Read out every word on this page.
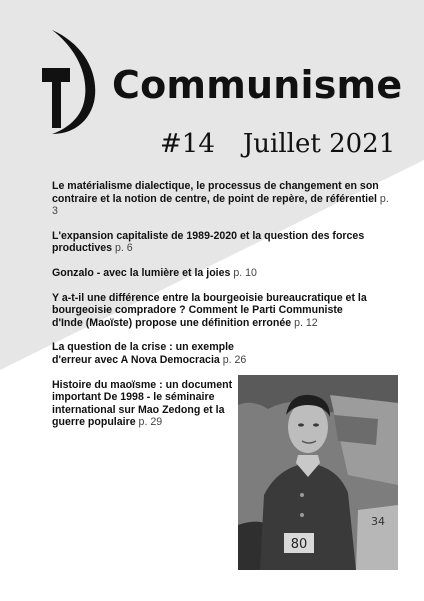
Communisme
#14 Juillet 2021
Le matérialisme dialectique, le processus de changement en son contraire et la notion de centre, de point de repère, de référentiel p. 3
L'expansion capitaliste de 1989-2020 et la question des forces productives p. 6
Gonzalo - avec la lumière et la joies p. 10
Y a-t-il une différence entre la bourgeoisie bureaucratique et la bourgeoisie compradore ? Comment le Parti Communiste d'Inde (Maoïste) propose une définition erronée p. 12
La question de la crise : un exemple d'erreur avec A Nova Democracia p. 26
Histoire du maoïsme : un document important De 1998 - le séminaire international sur Mao Zedong et la guerre populaire p. 29
80
34
